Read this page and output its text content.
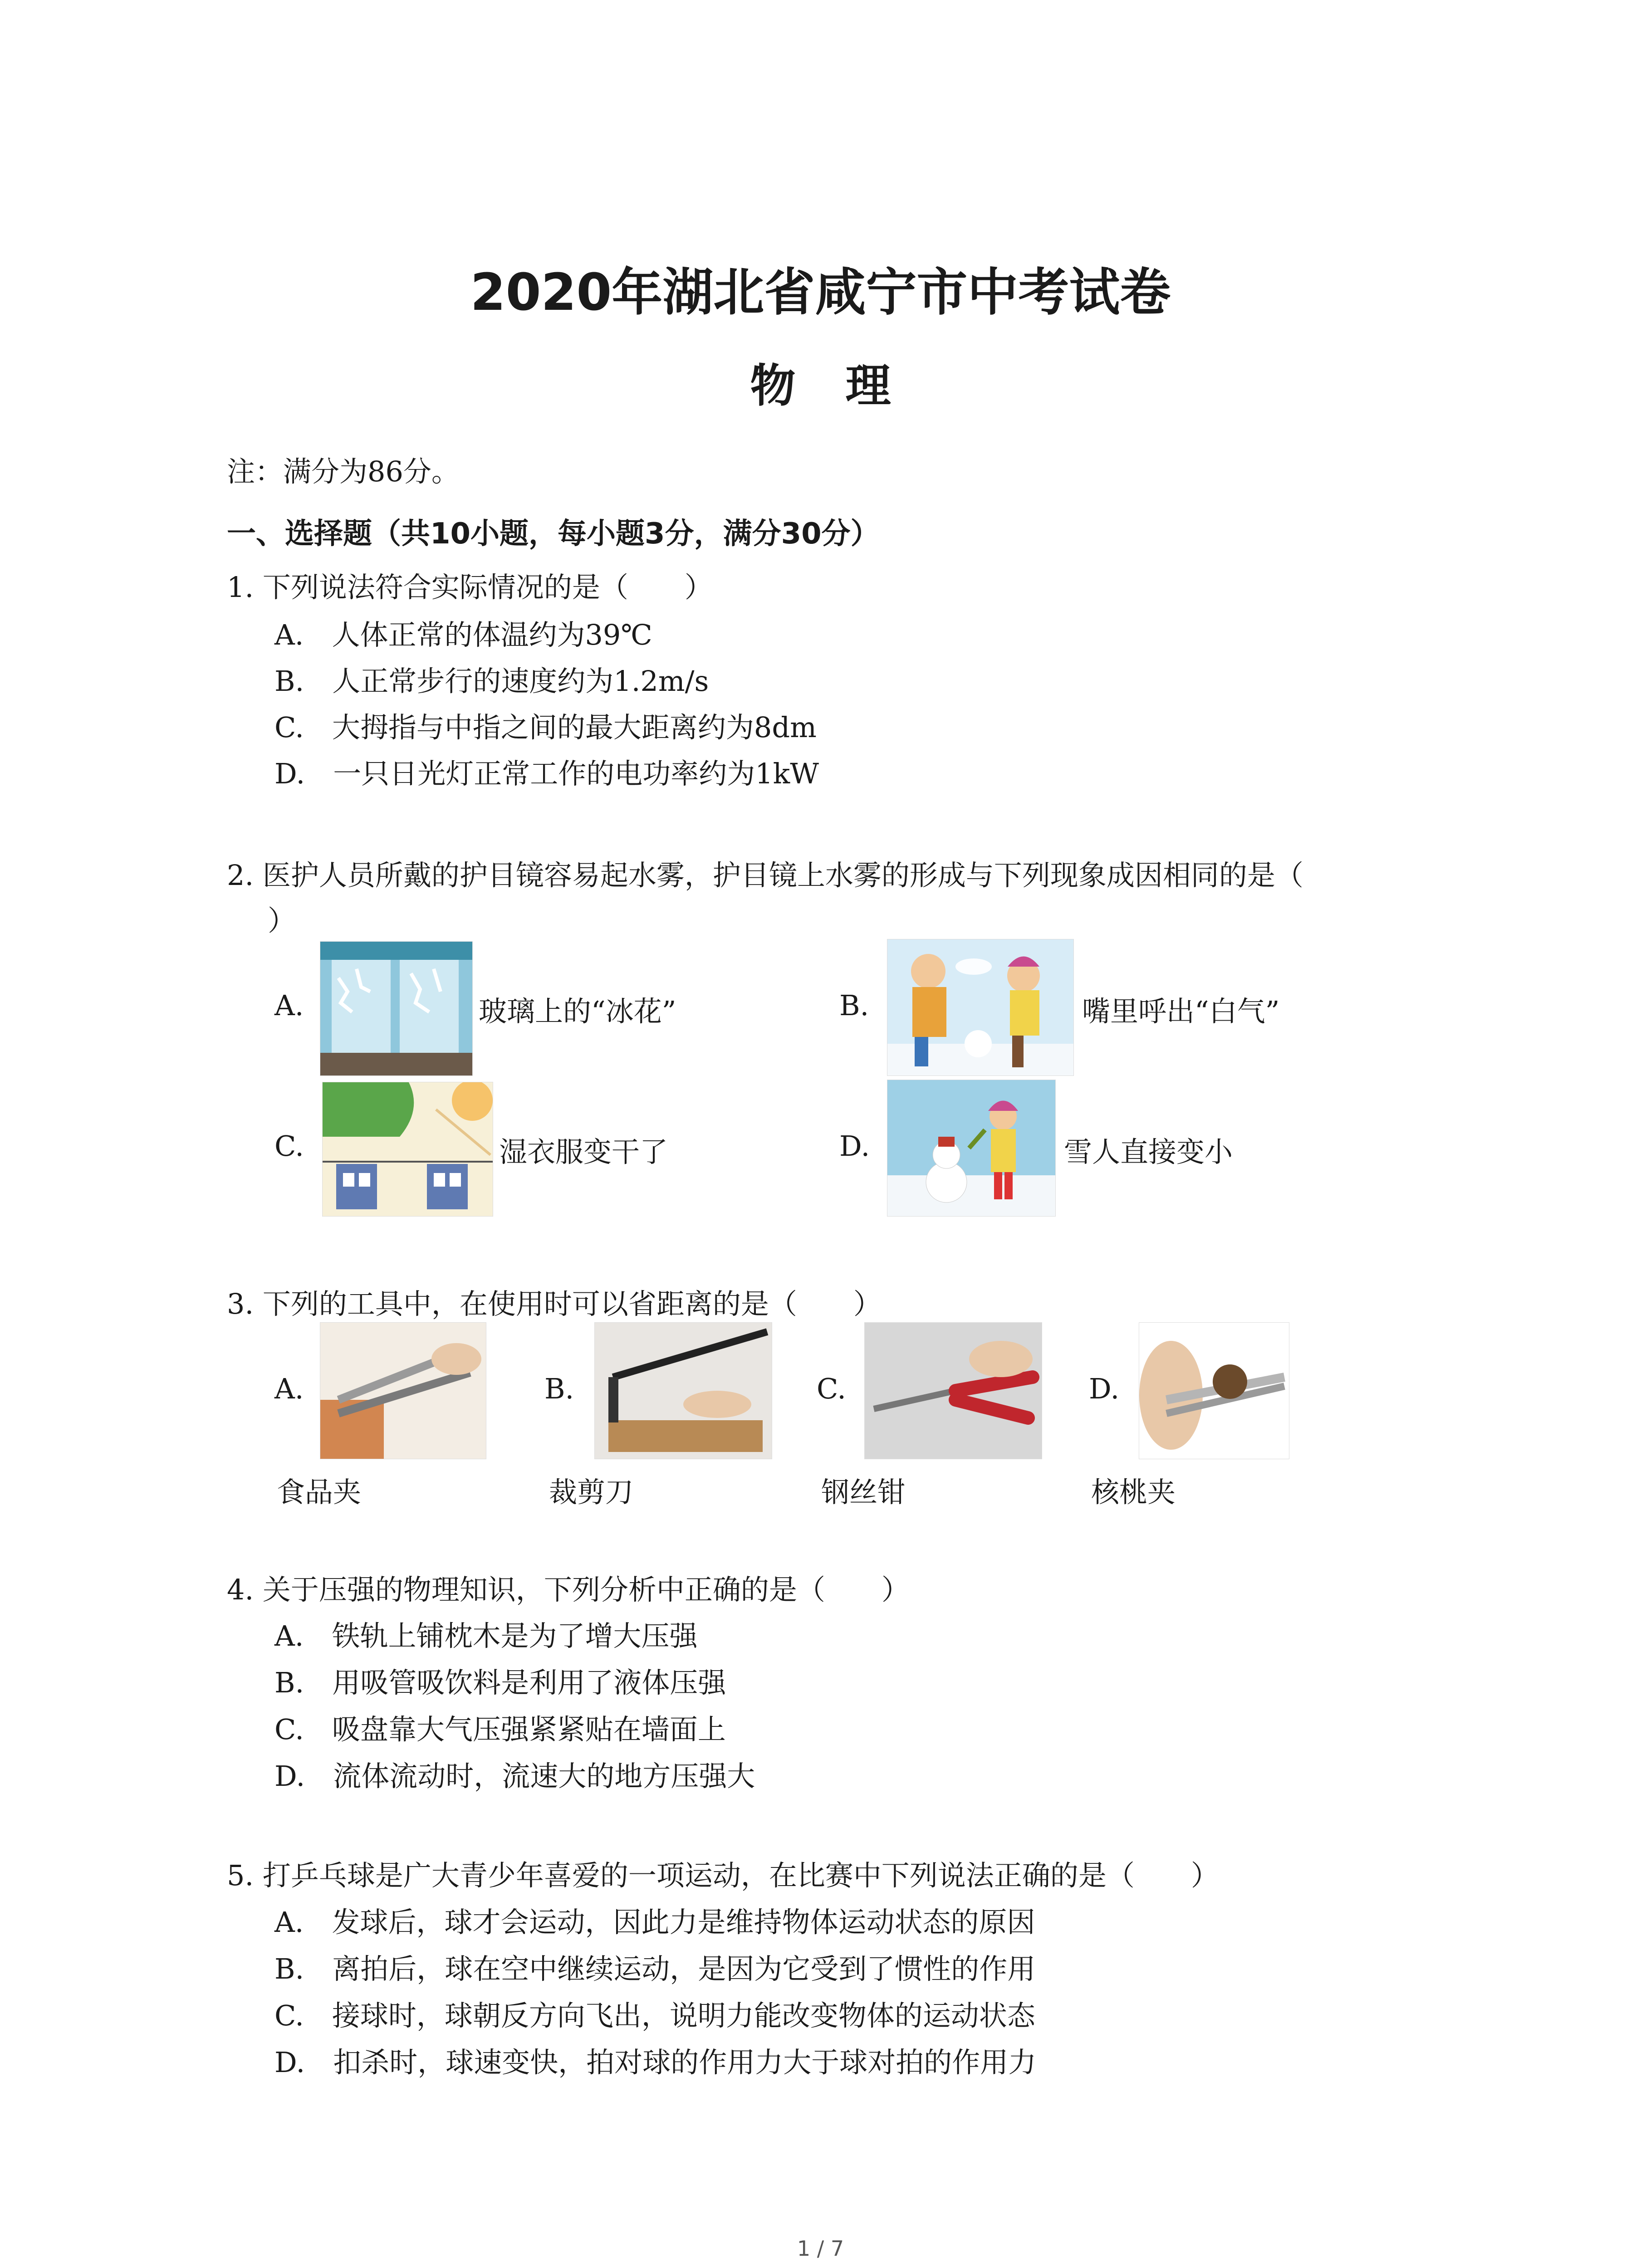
2020年湖北省咸宁市中考试卷
物理
注：满分为86分。
一、选择题（共10小题，每小题3分，满分30分）
1. 下列说法符合实际情况的是（　　）
A.　人体正常的体温约为39℃
B.　人正常步行的速度约为1.2m/s
C.　大拇指与中指之间的最大距离约为8dm
D.　一只日光灯正常工作的电功率约为1kW
2. 医护人员所戴的护目镜容易起水雾，护目镜上水雾的形成与下列现象成因相同的是（
）
A.	玻璃上的“冰花”	B.	嘴里呼出“白气”
C.	湿衣服变干了	D.	雪人直接变小
3. 下列的工具中，在使用时可以省距离的是（　　）
A.
食品夹
B.
裁剪刀
C.
钢丝钳
D.
核桃夹
4. 关于压强的物理知识，下列分析中正确的是（　　）
A.　铁轨上铺枕木是为了增大压强
B.　用吸管吸饮料是利用了液体压强
C.　吸盘靠大气压强紧紧贴在墙面上
D.　流体流动时，流速大的地方压强大
5. 打乒乓球是广大青少年喜爱的一项运动，在比赛中下列说法正确的是（　　）
A.　发球后，球才会运动，因此力是维持物体运动状态的原因
B.　离拍后，球在空中继续运动，是因为它受到了惯性的作用
C.　接球时，球朝反方向飞出，说明力能改变物体的运动状态
D.　扣杀时，球速变快，拍对球的作用力大于球对拍的作用力
1 / 7
